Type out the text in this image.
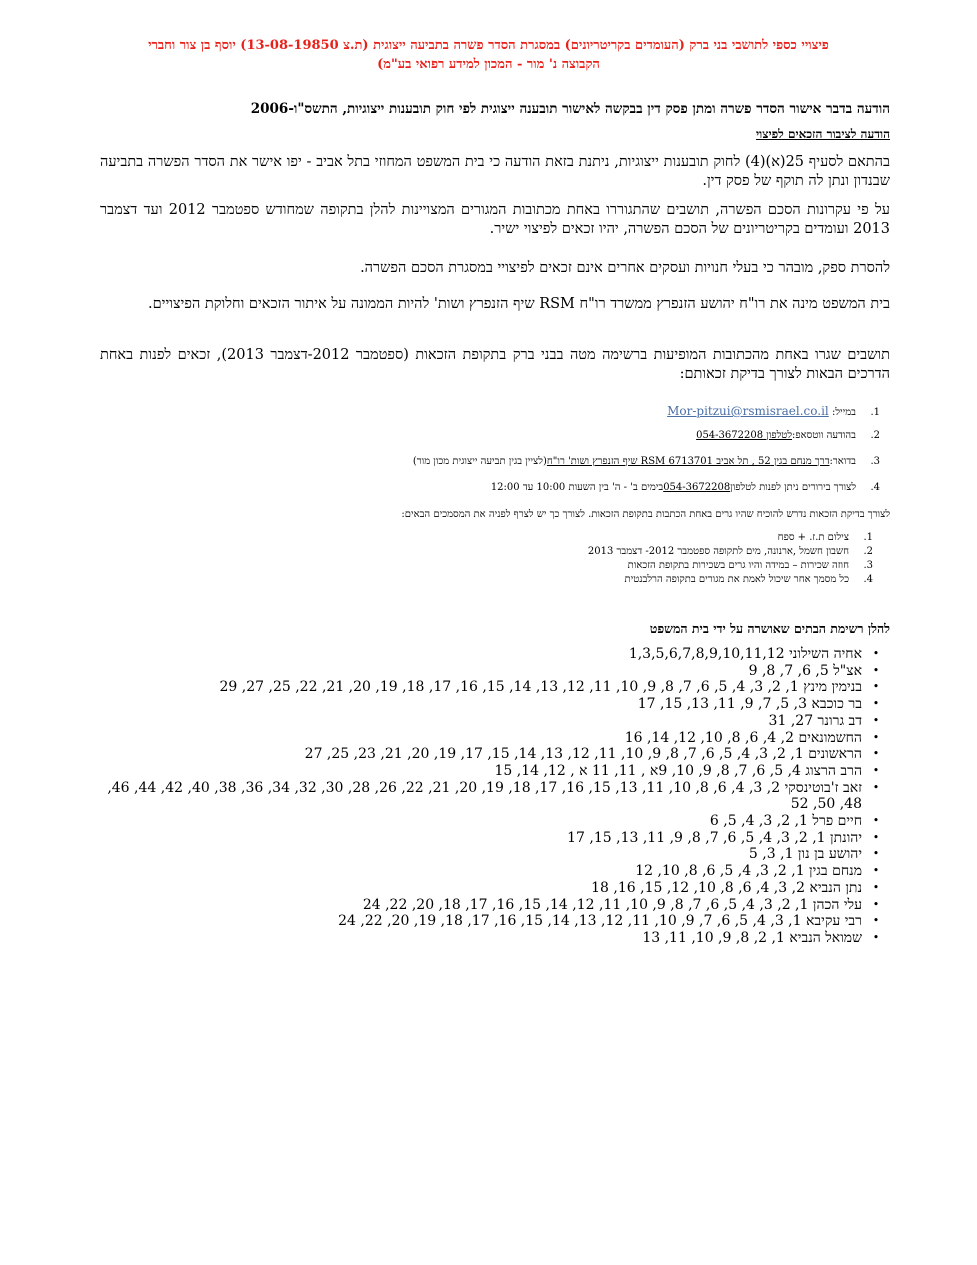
פיצויי כספי לתושבי בני ברק (העומדים בקריטריונים) במסגרת הסדר פשרה בתביעה ייצוגית (ת.צ 13-08-19850) יוסף בן צור וחברי
הקבוצה נ' מור - המכון למידע רפואי בע"מ)
הודעה בדבר אישור הסדר פשרה ומתן פסק דין בבקשה לאישור תובענה ייצוגית לפי חוק תובענות ייצוגיות, התשס"ו-2006
הודעה לציבור הזכאים לפיצוי
בהתאם לסעיף 25(א)(4) לחוק תובענות ייצוגיות, ניתנת בזאת הודעה כי בית המשפט המחוזי בתל אביב - יפו אישר את הסדר הפשרה בתביעה שבנדון ונתן לה תוקף של פסק דין.
על פי עקרונות הסכם הפשרה, תושבים שהתגוררו באחת מכתובות המגורים המצויינות להלן בתקופה שמחודש ספטמבר 2012 ועד דצמבר 2013 ועומדים בקריטריונים של הסכם הפשרה, יהיו זכאים לפיצוי ישיר.
להסרת ספק, מובהר כי בעלי חנויות ועסקים אחרים אינם זכאים לפיצויי במסגרת הסכם הפשרה.
בית המשפט מינה את רו"ח יהושע הזנפרץ ממשרד רו"ח RSM שיף הזנפרץ ושות' להיות הממונה על איתור הזכאים וחלוקת הפיצויים.
תושבים שגרו באחת מהכתובות המופיעות ברשימה מטה בבני ברק בתקופת הזכאות (ספטמבר 2012-דצמבר 2013), זכאים לפנות באחת הדרכים הבאות לצורך בדיקת זכאותם:
1.
במייל:

Mor-pitzui@rsmisrael.co.il
2.
בהודעה ווטסאפ:
לטלפון 054-3672208
3.
בדואר:
דרך מנחם בגין 52 , תל אביב 6713701 RSM שיף הזנפרץ ושות' רו"ח
(לציין בגין תביעה ייצוגית מכון מור)
4.
לצורך בירורים ניתן לפנות לטלפון
054-3672208
בימים ב' - ה' בין השעות 10:00 עד 12:00
לצורך בדיקת הזכאות נדרש להוכיח שהיו גרים באחת הכתבות בתקופת הזכאות. לצורך כך יש לצרף לפניה את המסמכים הבאים:
1.
צילום ת.ז. + ספח
2.
חשבון חשמל ,ארנונה, מים לתקופה ספטמבר 2012- דצמבר 2013
3.
חוזה שכירות – במידה והיו גרים בשכירות בתקופת הזכאות
4.
כל מסמך אחר שיכול לאמת את מגורים בתקופה הרלבנטית
להלן רשימת הבתים שאושרה על ידי בית המשפט
•
אחיה השילוני 1,3,5,6,7,8,9,10,11,12
•
אצ"ל 5, 6, 7, 8, 9
•
בנימין מינץ 1, 2, 3, 4, 5, 6, 7, 8, 9, 10, 11, 12, 13, 14, 15, 16, 17, 18, 19, 20, 21, 22, 25, 27, 29
•
בר כוכבא 3, 5, 7, 9, 11, 13, 15, 17
•
דב גרונר 27, 31
•
החשמונאים 2, 4, 6, 8, 10, 12, 14, 16
•
הראשונים 1, 2, 3, 4, 5, 6, 7, 8, 9, 10, 11, 12, 13, 14, 15, 17, 19, 20, 21, 23, 25, 27
•
הרב הרצוג 4, 5, 6, 7, 8, 9, 10, 9א , 11, 11 א , 12, 14, 15
•
זאב ז'בוטינסקי 2, 3, 4, 6, 8, 10, 11, 13, 15, 16, 17, 18, 19, 20, 21, 22, 26, 28, 30, 32, 34, 36, 38, 40, 42, 44, 46, 48, 50, 52
•
חיים פרל 1, 2, 3, 4, 5, 6
•
יהונתן 1, 2, 3, 4, 5, 6, 7, 8, 9, 11, 13, 15, 17
•
יהושע בן נון 1, 3, 5
•
מנחם בגין 1, 2, 3, 4, 5, 6, 8, 10, 12
•
נתן הנביא 2, 3, 4, 6, 8, 10, 12, 15, 16, 18
•
עלי הכהן 1, 2, 3, 4, 5, 6, 7, 8, 9, 10, 11, 12, 14, 15, 16, 17, 18, 20, 22, 24
•
רבי עקיבא 1, 3, 4, 5, 6, 7, 9, 10, 11, 12, 13, 14, 15, 16, 17, 18, 19, 20, 22, 24
•
שמואל הנביא 1, 2, 8, 9, 10, 11, 13
